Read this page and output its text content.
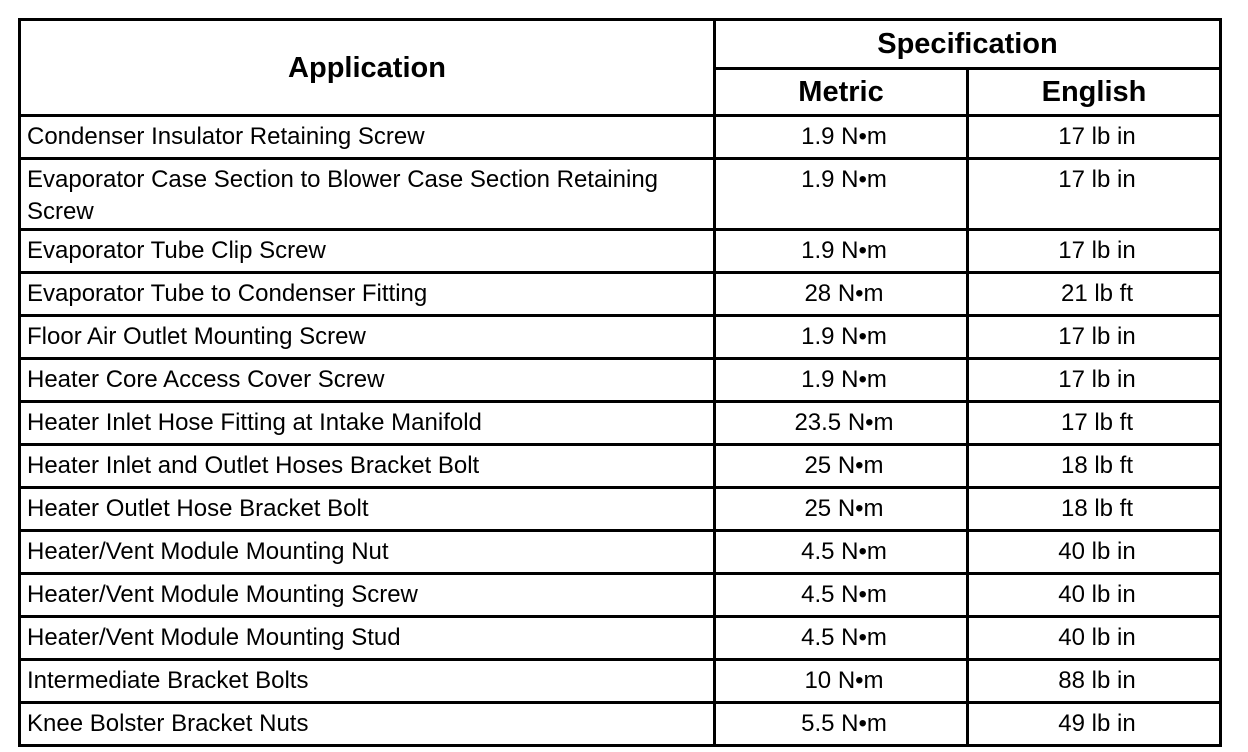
Application	Specification	
	Metric	English
Condenser Insulator Retaining Screw	1.9 N•m	17 lb in
Evaporator Case Section to Blower Case Section Retaining Screw	1.9 N•m	17 lb in
Evaporator Tube Clip Screw	1.9 N•m	17 lb in
Evaporator Tube to Condenser Fitting	28 N•m	21 lb ft
Floor Air Outlet Mounting Screw	1.9 N•m	17 lb in
Heater Core Access Cover Screw	1.9 N•m	17 lb in
Heater Inlet Hose Fitting at Intake Manifold	23.5 N•m	17 lb ft
Heater Inlet and Outlet Hoses Bracket Bolt	25 N•m	18 lb ft
Heater Outlet Hose Bracket Bolt	25 N•m	18 lb ft
Heater/Vent Module Mounting Nut	4.5 N•m	40 lb in
Heater/Vent Module Mounting Screw	4.5 N•m	40 lb in
Heater/Vent Module Mounting Stud	4.5 N•m	40 lb in
Intermediate Bracket Bolts	10 N•m	88 lb in
Knee Bolster Bracket Nuts	5.5 N•m	49 lb in
